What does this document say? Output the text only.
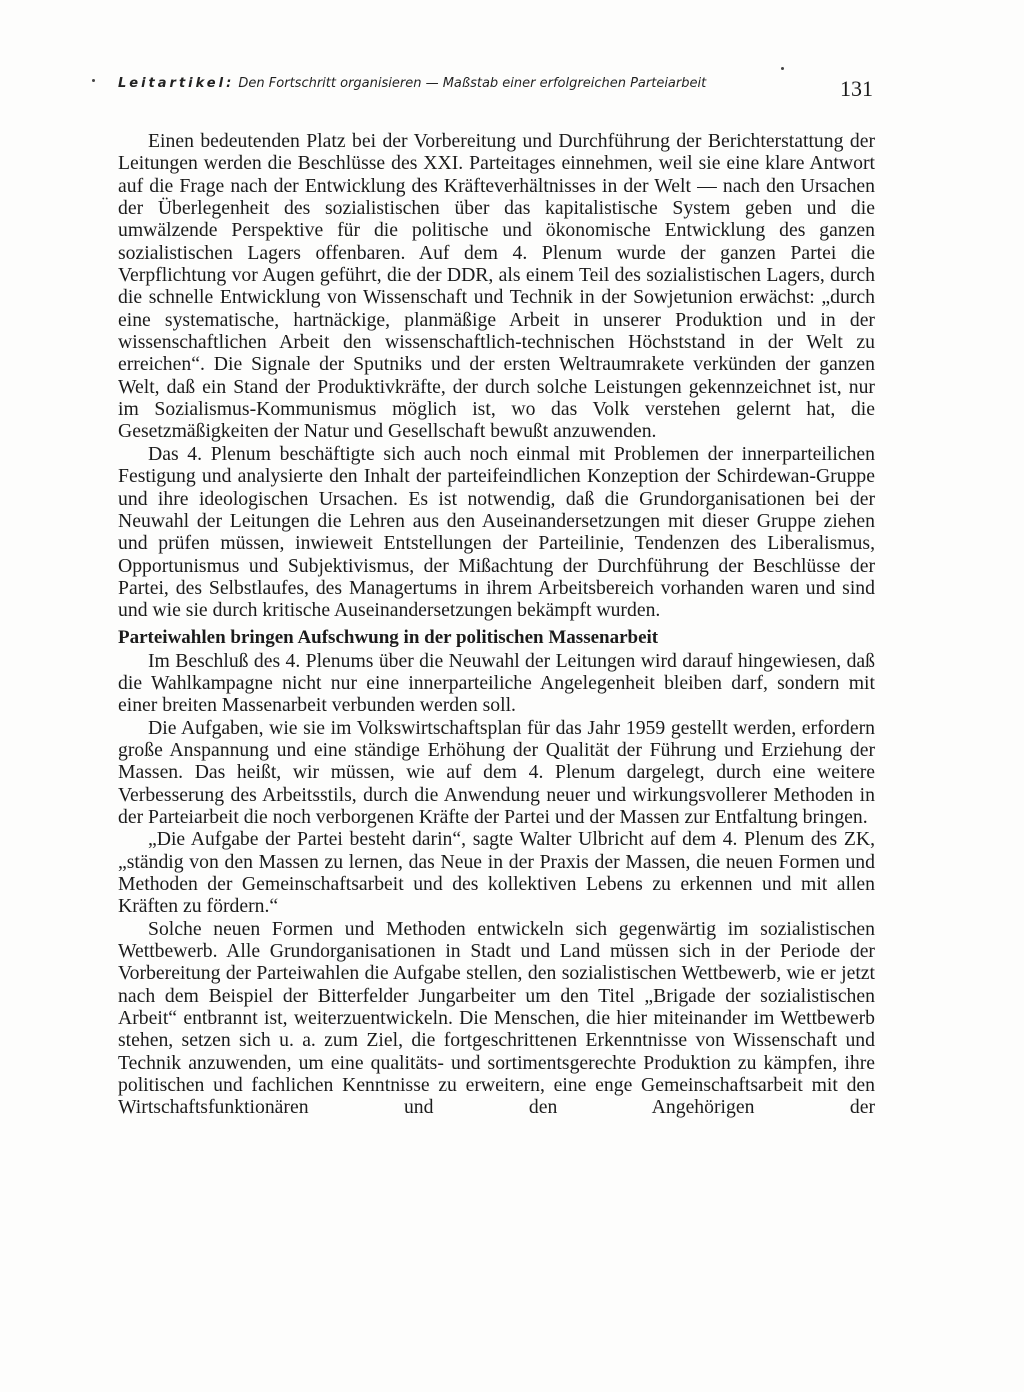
Leitartikel: Den Fortschritt organisieren — Maßstab einer erfolgreichen Parteiarbeit	131

Einen bedeutenden Platz bei der Vorbereitung und Durchführung der Berichterstattung der Leitungen werden die Beschlüsse des XXI. Parteitages einnehmen, weil sie eine klare Antwort auf die Frage nach der Entwicklung des Kräfteverhältnisses in der Welt — nach den Ursachen der Überlegenheit des sozialistischen über das kapitalistische System geben und die umwälzende Perspektive für die politische und ökonomische Entwicklung des ganzen sozialistischen Lagers offenbaren. Auf dem 4. Plenum wurde der ganzen Partei die Verpflichtung vor Augen geführt, die der DDR, als einem Teil des sozialistischen Lagers, durch die schnelle Entwicklung von Wissenschaft und Technik in der Sowjetunion erwächst: „durch eine systematische, hartnäckige, planmäßige Arbeit in unserer Produktion und in der wissenschaftlichen Arbeit den wissenschaftlich-technischen Höchststand in der Welt zu erreichen“. Die Signale der Sputniks und der ersten Weltraumrakete verkünden der ganzen Welt, daß ein Stand der Produktivkräfte, der durch solche Leistungen gekennzeichnet ist, nur im Sozialismus-Kommunismus möglich ist, wo das Volk verstehen gelernt hat, die Gesetzmäßigkeiten der Natur und Gesellschaft bewußt anzuwenden.

Das 4. Plenum beschäftigte sich auch noch einmal mit Problemen der innerparteilichen Festigung und analysierte den Inhalt der parteifeindlichen Konzeption der Schirdewan-Gruppe und ihre ideologischen Ursachen. Es ist notwendig, daß die Grundorganisationen bei der Neuwahl der Leitungen die Lehren aus den Auseinandersetzungen mit dieser Gruppe ziehen und prüfen müssen, inwieweit Entstellungen der Parteilinie, Tendenzen des Liberalismus, Opportunismus und Subjektivismus, der Mißachtung der Durchführung der Beschlüsse der Partei, des Selbstlaufes, des Managertums in ihrem Arbeitsbereich vorhanden waren und sind und wie sie durch kritische Auseinandersetzungen bekämpft wurden.

Parteiwahlen bringen Aufschwung in der politischen Massenarbeit

Im Beschluß des 4. Plenums über die Neuwahl der Leitungen wird darauf hingewiesen, daß die Wahlkampagne nicht nur eine innerparteiliche Angelegenheit bleiben darf, sondern mit einer breiten Massenarbeit verbunden werden soll.

Die Aufgaben, wie sie im Volkswirtschaftsplan für das Jahr 1959 gestellt werden, erfordern große Anspannung und eine ständige Erhöhung der Qualität der Führung und Erziehung der Massen. Das heißt, wir müssen, wie auf dem 4. Plenum dargelegt, durch eine weitere Verbesserung des Arbeitsstils, durch die Anwendung neuer und wirkungsvollerer Methoden in der Parteiarbeit die noch verborgenen Kräfte der Partei und der Massen zur Entfaltung bringen.

„Die Aufgabe der Partei besteht darin“, sagte Walter Ulbricht auf dem 4. Plenum des ZK, „ständig von den Massen zu lernen, das Neue in der Praxis der Massen, die neuen Formen und Methoden der Gemeinschaftsarbeit und des kollektiven Lebens zu erkennen und mit allen Kräften zu fördern.“

Solche neuen Formen und Methoden entwickeln sich gegenwärtig im sozialistischen Wettbewerb. Alle Grundorganisationen in Stadt und Land müssen sich in der Periode der Vorbereitung der Parteiwahlen die Aufgabe stellen, den sozialistischen Wettbewerb, wie er jetzt nach dem Beispiel der Bitterfelder Jungarbeiter um den Titel „Brigade der sozialistischen Arbeit“ entbrannt ist, weiterzuentwickeln. Die Menschen, die hier miteinander im Wettbewerb stehen, setzen sich u. a. zum Ziel, die fortgeschrittenen Erkenntnisse von Wissenschaft und Technik anzuwenden, um eine qualitäts- und sortimentsgerechte Produktion zu kämpfen, ihre politischen und fachlichen Kenntnisse zu erweitern, eine enge Gemeinschaftsarbeit mit den Wirtschaftsfunktionären und den Angehörigen der
